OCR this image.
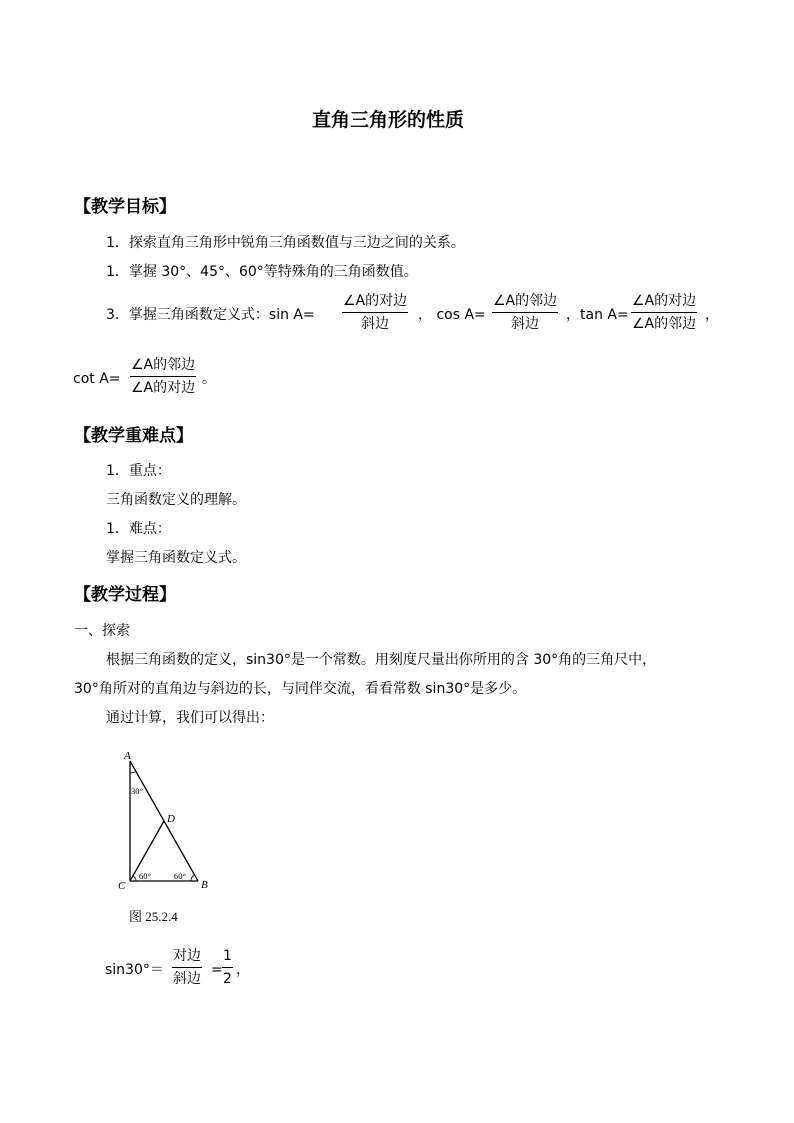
直角三角形的性质
【教学目标】
1．探索直角三角形中锐角三角函数值与三边之间的关系。
1．掌握 30°、45°、60°等特殊角的三角函数值。
3．掌握三角函数定义式：sin A=
∠A的对边
斜边
， cos A=
∠A的邻边
斜边
，tan A=
∠A的对边
∠A的邻边
，
cot A=
∠A的邻边
∠A的对边
。
【教学重难点】
1．重点：
三角函数定义的理解。
1．难点：
掌握三角函数定义式。
【教学过程】
一、探索
根据三角函数的定义，sin30°是一个常数。用刻度尺量出你所用的含 30°角的三角尺中，
30°角所对的直角边与斜边的长，与同伴交流，看看常数 sin30°是多少。
通过计算，我们可以得出：
A
C	B
D
30°
60°	60°
图 25.2.4
sin30°＝
对边
斜边
=
1
2
，
